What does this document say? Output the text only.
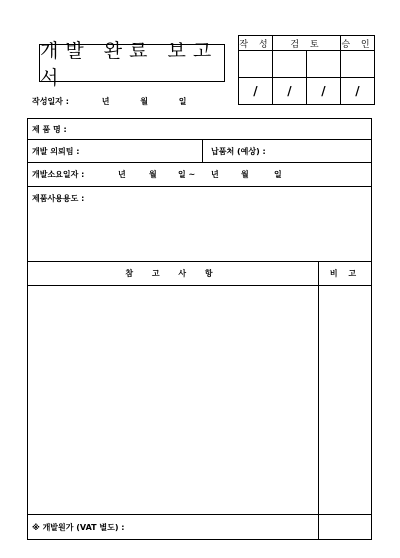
개발 완료 보고서
작 성	검 토		승 인

/	/	/	/
작성일자 :	년	월	일
제 품 명 :
개발 의뢰팀 :	납품처 (예상) :
개발소요일자 :	년	월	일 ~ 년	월	일
제품사용용도 :
참 고 사 항	비 고
※ 개발원가 (VAT 별도) :
